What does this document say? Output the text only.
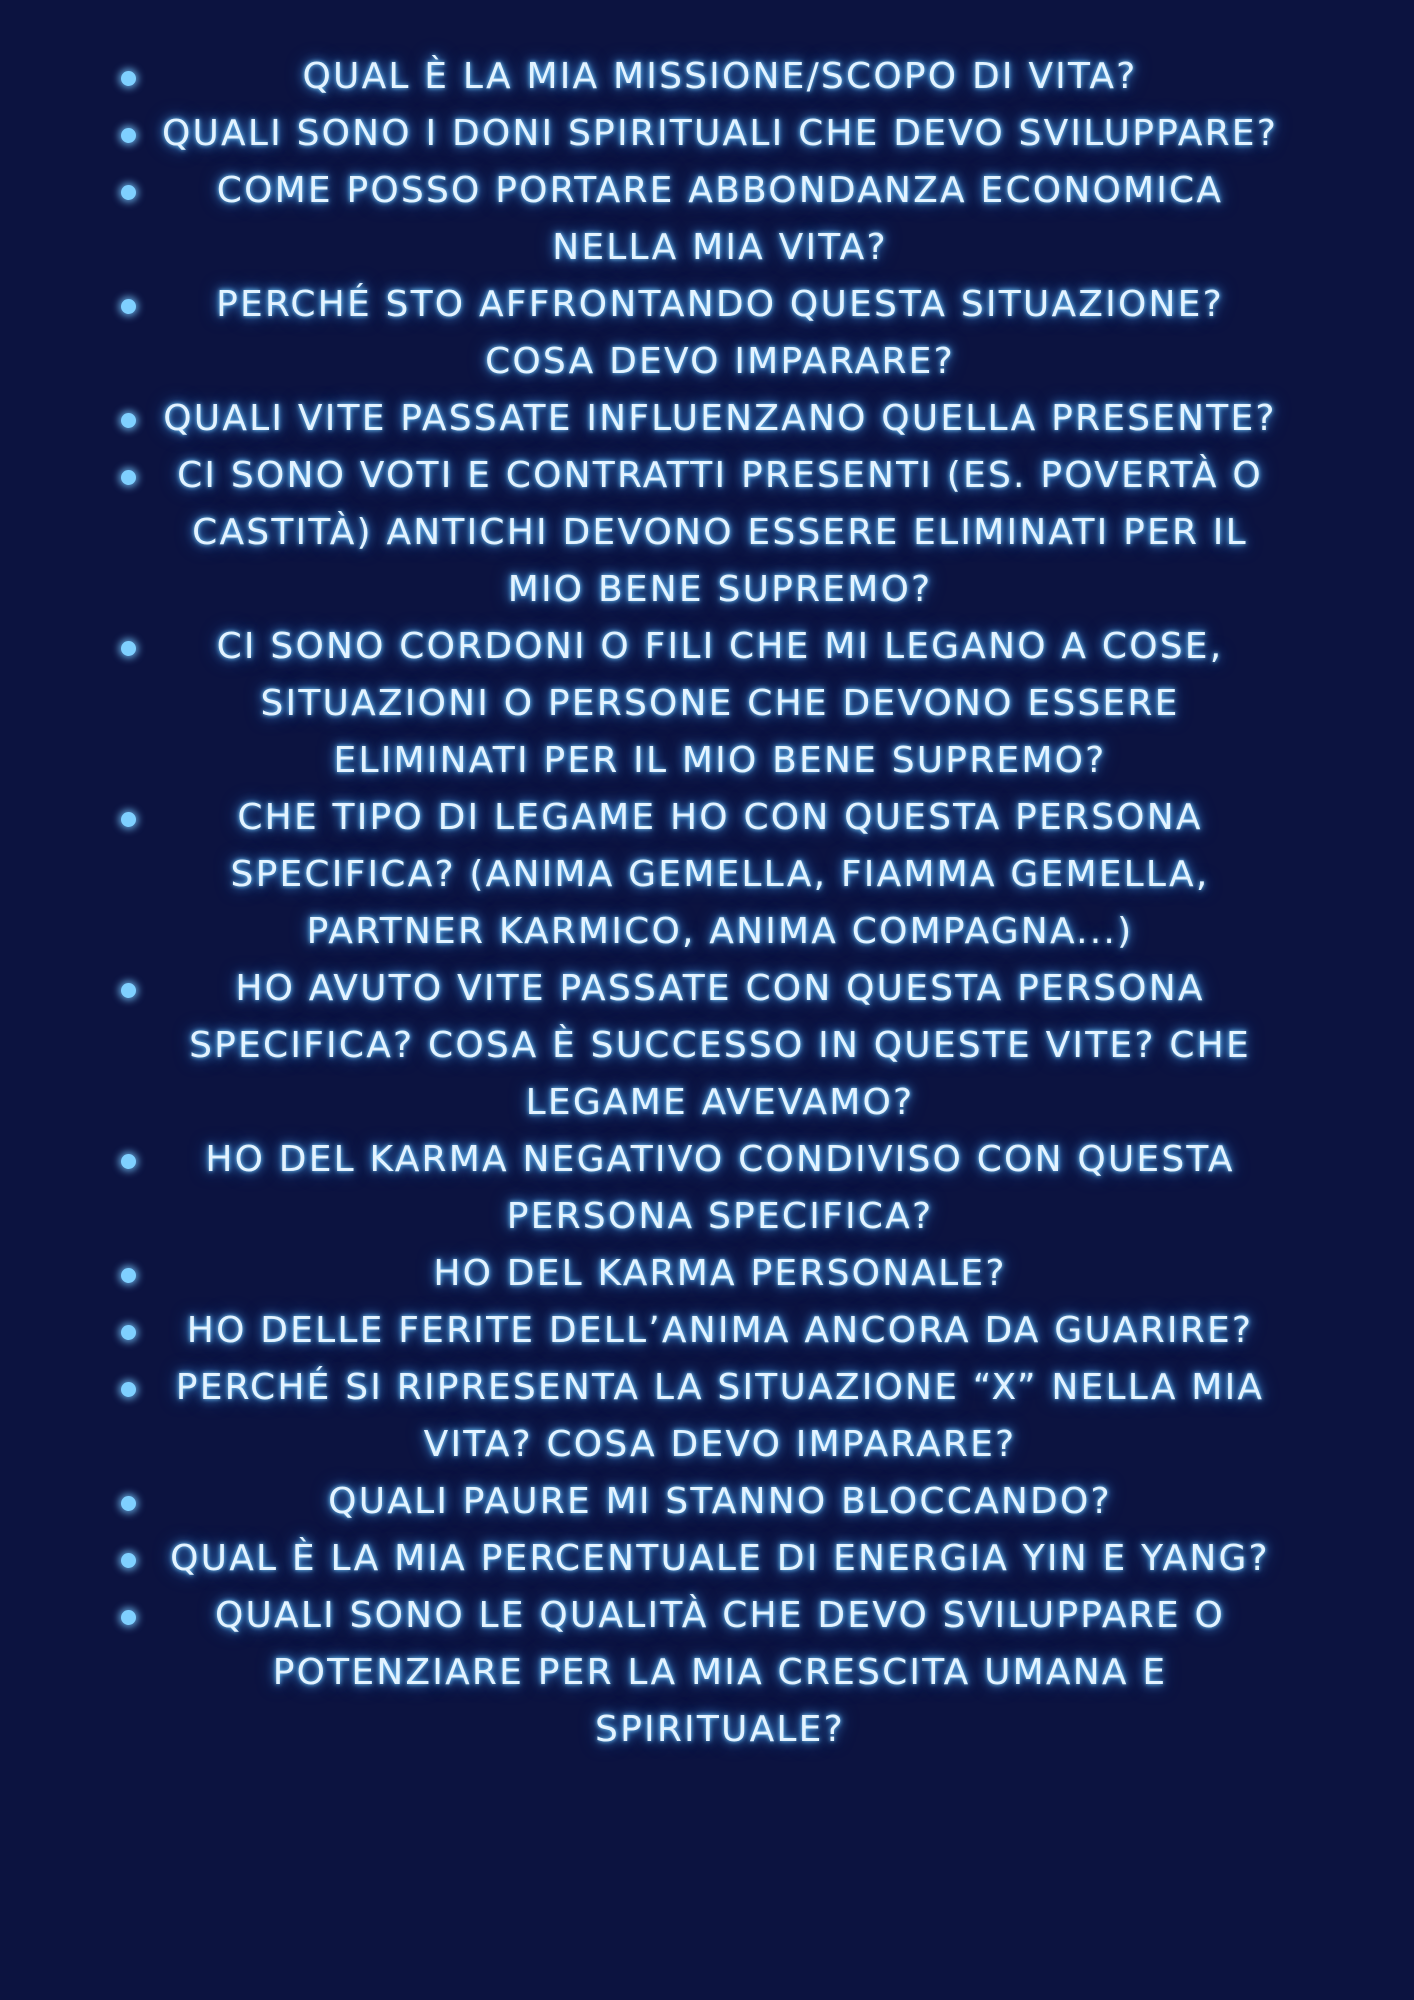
QUAL È LA MIA MISSIONE/SCOPO DI VITA?
QUALI SONO I DONI SPIRITUALI CHE DEVO SVILUPPARE?
COME POSSO PORTARE ABBONDANZA ECONOMICA NELLA MIA VITA?
PERCHÉ STO AFFRONTANDO QUESTA SITUAZIONE? COSA DEVO IMPARARE?
QUALI VITE PASSATE INFLUENZANO QUELLA PRESENTE?
CI SONO VOTI E CONTRATTI PRESENTI (ES. POVERTÀ O CASTITÀ) ANTICHI DEVONO ESSERE ELIMINATI PER IL MIO BENE SUPREMO?
CI SONO CORDONI O FILI CHE MI LEGANO A COSE, SITUAZIONI O PERSONE CHE DEVONO ESSERE ELIMINATI PER IL MIO BENE SUPREMO?
CHE TIPO DI LEGAME HO CON QUESTA PERSONA SPECIFICA? (ANIMA GEMELLA, FIAMMA GEMELLA, PARTNER KARMICO, ANIMA COMPAGNA...)
HO AVUTO VITE PASSATE CON QUESTA PERSONA SPECIFICA? COSA È SUCCESSO IN QUESTE VITE? CHE LEGAME AVEVAMO?
HO DEL KARMA NEGATIVO CONDIVISO CON QUESTA PERSONA SPECIFICA?
HO DEL KARMA PERSONALE?
HO DELLE FERITE DELL’ANIMA ANCORA DA GUARIRE?
PERCHÉ SI RIPRESENTA LA SITUAZIONE “X” NELLA MIA VITA? COSA DEVO IMPARARE?
QUALI PAURE MI STANNO BLOCCANDO?
QUAL È LA MIA PERCENTUALE DI ENERGIA YIN E YANG?
QUALI SONO LE QUALITÀ CHE DEVO SVILUPPARE O POTENZIARE PER LA MIA CRESCITA UMANA E SPIRITUALE?
